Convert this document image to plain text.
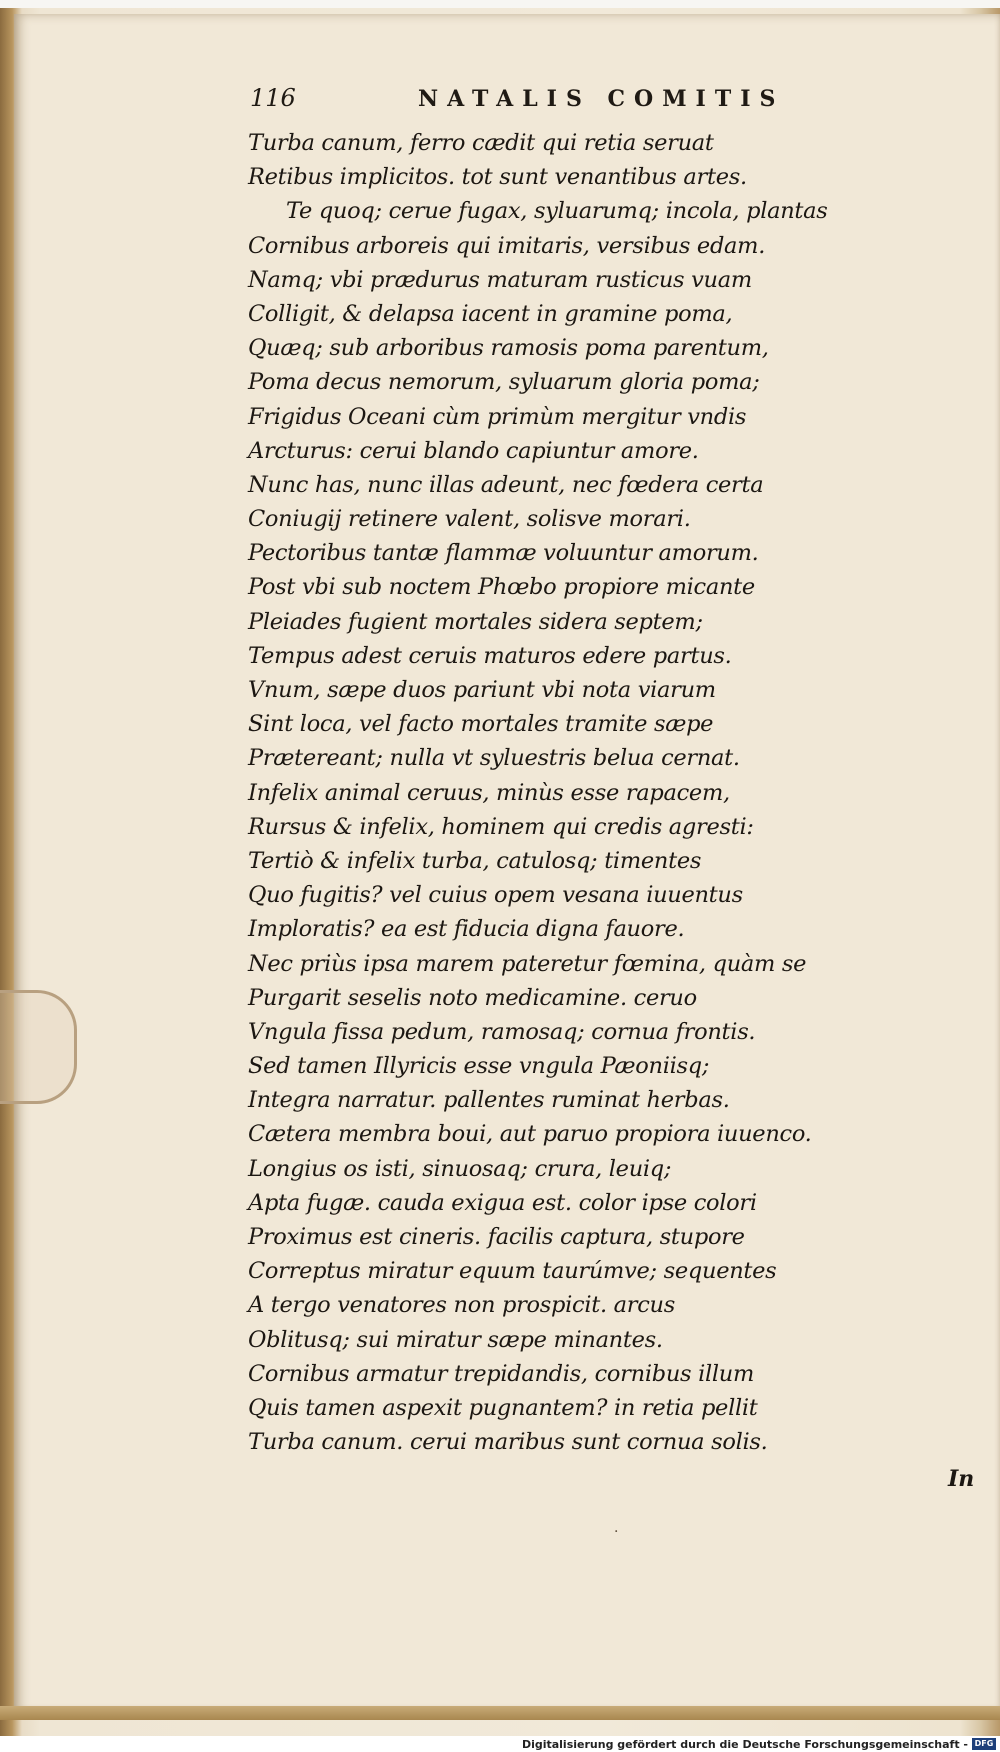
116	NATALIS COMITIS
Turba canum, ferro cædit qui retia seruat
Retibus implicitos. tot sunt venantibus artes.
Te quoq; cerue fugax, syluarumq; incola, plantas
Cornibus arboreis qui imitaris, versibus edam.
Namq; vbi prædurus maturam rusticus vuam
Colligit, & delapsa iacent in gramine poma,
Quæq; sub arboribus ramosis poma parentum,
Poma decus nemorum, syluarum gloria poma;
Frigidus Oceani cùm primùm mergitur vndis
Arcturus: cerui blando capiuntur amore.
Nunc has, nunc illas adeunt, nec fœdera certa
Coniugij retinere valent, solisve morari.
Pectoribus tantæ flammæ voluuntur amorum.
Post vbi sub noctem Phœbo propiore micante
Pleiades fugient mortales sidera septem;
Tempus adest ceruis maturos edere partus.
Vnum, sæpe duos pariunt vbi nota viarum
Sint loca, vel facto mortales tramite sæpe
Prætereant; nulla vt syluestris belua cernat.
Infelix animal ceruus, minùs esse rapacem,
Rursus & infelix, hominem qui credis agresti:
Tertiò & infelix turba, catulosq; timentes
Quo fugitis? vel cuius opem vesana iuuentus
Imploratis? ea est fiducia digna fauore.
Nec priùs ipsa marem pateretur fœmina, quàm se
Purgarit seselis noto medicamine. ceruo
Vngula fissa pedum, ramosaq; cornua frontis.
Sed tamen Illyricis esse vngula Pæoniisq;
Integra narratur. pallentes ruminat herbas.
Cætera membra boui, aut paruo propiora iuuenco.
Longius os isti, sinuosaq; crura, leuiq;
Apta fugæ. cauda exigua est. color ipse colori
Proximus est cineris. facilis captura, stupore
Correptus miratur equum taurúmve; sequentes
A tergo venatores non prospicit. arcus
Oblitusq; sui miratur sæpe minantes.
Cornibus armatur trepidandis, cornibus illum
Quis tamen aspexit pugnantem? in retia pellit
Turba canum. cerui maribus sunt cornua solis.
In
·
Digitalisierung gefördert durch die Deutsche Forschungsgemeinschaft - DFG
